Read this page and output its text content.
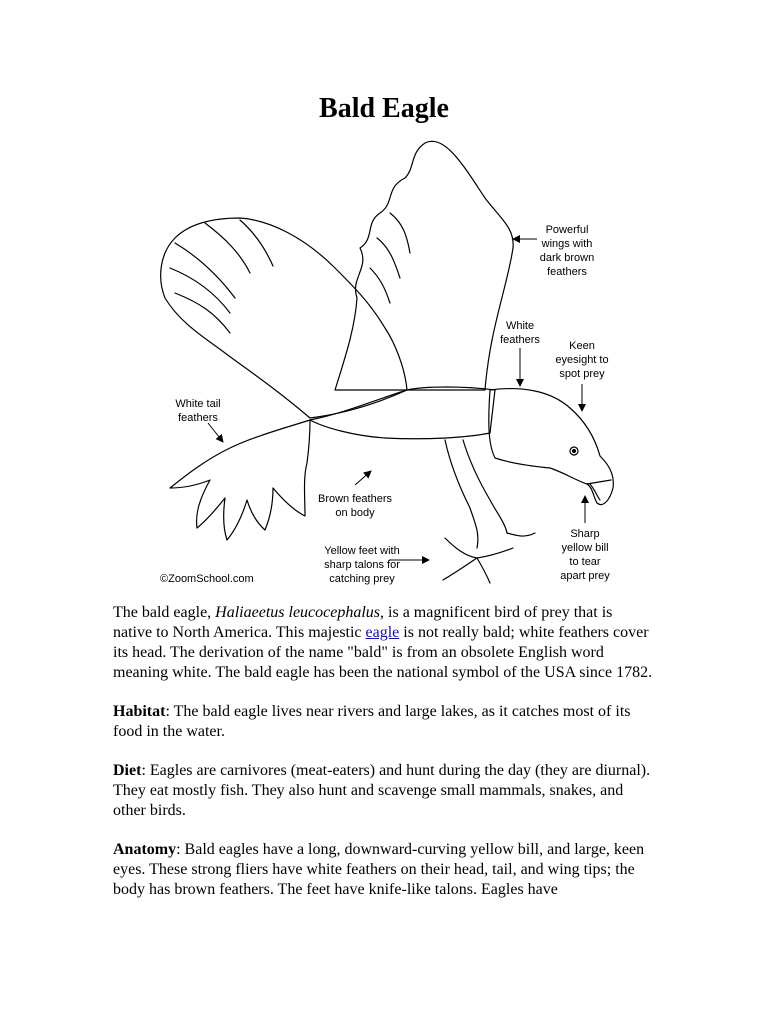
Bald Eagle
Powerful
wings with
dark brown
feathers
White
feathers	Keen
eyesight to
spot prey
White tail
feathers
Brown feathers
on body
Yellow feet with
sharp talons for
catching prey
Sharp
yellow bill
to tear
apart prey
©ZoomSchool.com

The bald eagle, Haliaeetus leucocephalus, is a magnificent bird of prey that is native to North America. This majestic eagle is not really bald; white feathers cover its head. The derivation of the name "bald" is from an obsolete English word meaning white. The bald eagle has been the national symbol of the USA since 1782.

Habitat: The bald eagle lives near rivers and large lakes, as it catches most of its food in the water.

Diet: Eagles are carnivores (meat-eaters) and hunt during the day (they are diurnal). They eat mostly fish. They also hunt and scavenge small mammals, snakes, and other birds.

Anatomy: Bald eagles have a long, downward-curving yellow bill, and large, keen eyes. These strong fliers have white feathers on their head, tail, and wing tips; the body has brown feathers. The feet have knife-like talons. Eagles have
